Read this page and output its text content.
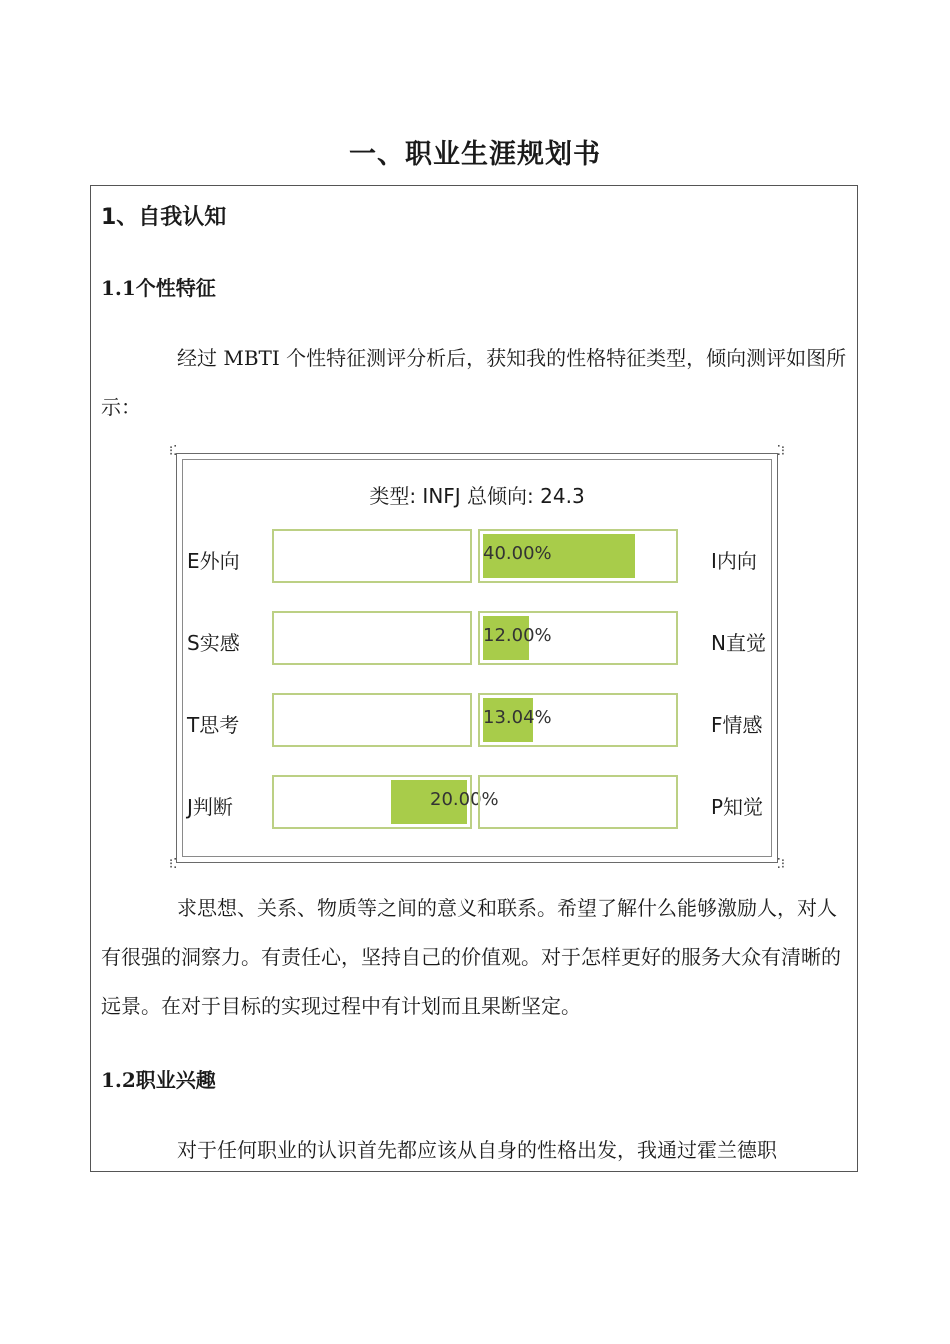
一、职业生涯规划书
1、自我认知
1.1个性特征

经过 MBTI 个性特征测评分析后，获知我的性格特征类型，倾向测评如图所示：

⁝⁚	⁚⁝
⁝⁚	⁚⁝
类型: INFJ 总倾向: 24.3
E外向	I内向
40.00%
S实感	N直觉
12.00%
T思考	F情感
13.04%
J判断	P知觉
20.00%

求思想、关系、物质等之间的意义和联系。希望了解什么能够激励人，对人有很强的洞察力。有责任心，坚持自己的价值观。对于怎样更好的服务大众有清晰的远景。在对于目标的实现过程中有计划而且果断坚定。

1.2职业兴趣

对于任何职业的认识首先都应该从自身的性格出发，我通过霍兰德职
